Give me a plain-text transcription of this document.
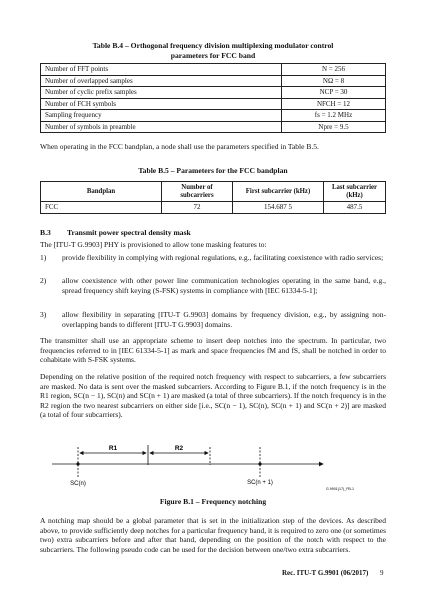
Table B.4 – Orthogonal frequency division multiplexing modulator control
parameters for FCC band
Number of FFT points	N = 256
Number of overlapped samples	NΩ = 8
Number of cyclic prefix samples	NCP = 30
Number of FCH symbols	NFCH = 12
Sampling frequency	fs = 1.2 MHz
Number of symbols in preamble	Npre = 9.5

When operating in the FCC bandplan, a node shall use the parameters specified in Table B.5.

Table B.5 – Parameters for the FCC bandplan
Bandplan	Number of subcarriers	First subcarrier (kHz)	Last subcarrier (kHz)
FCC	72	154.687 5	487.5
B.3 Transmit power spectral density mask

The [ITU-T G.9903] PHY is provisioned to allow tone masking features to:

1) provide flexibility in complying with regional regulations, e.g., facilitating coexistence with radio services;
2) allow coexistence with other power line communication technologies operating in the same band, e.g., spread frequency shift keying (S-FSK) systems in compliance with [IEC 61334-5-1];
3) allow flexibility in separating [ITU-T G.9903] domains by frequency division, e.g., by assigning non-overlapping bands to different [ITU-T G.9903] domains.

The transmitter shall use an appropriate scheme to insert deep notches into the spectrum. In particular, two frequencies referred to in [IEC 61334-5-1] as mark and space frequencies fM and fS, shall be notched in order to cohabitate with S-FSK systems.

Depending on the relative position of the required notch frequency with respect to subcarriers, a few subcarriers are masked. No data is sent over the masked subcarriers. According to Figure B.1, if the notch frequency is in the R1 region, SC(n − 1), SC(n) and SC(n + 1) are masked (a total of three subcarriers). If the notch frequency is in the R2 region the two nearest subcarriers on either side [i.e., SC(n − 1), SC(n), SC(n + 1) and SC(n + 2)] are masked (a total of four subcarriers).

R1	R2
SC(n)	SC(n + 1)
G.9901(17)_FB-1
Figure B.1 – Frequency notching

A notching map should be a global parameter that is set in the initialization step of the devices. As described above, to provide sufficiently deep notches for a particular frequency band, it is required to zero one (or sometimes two) extra subcarriers before and after that band, depending on the position of the notch with respect to the subcarriers. The following pseudo code can be used for the decision between one/two extra subcarriers.

Rec. ITU-T G.9901 (06/2017) 9
